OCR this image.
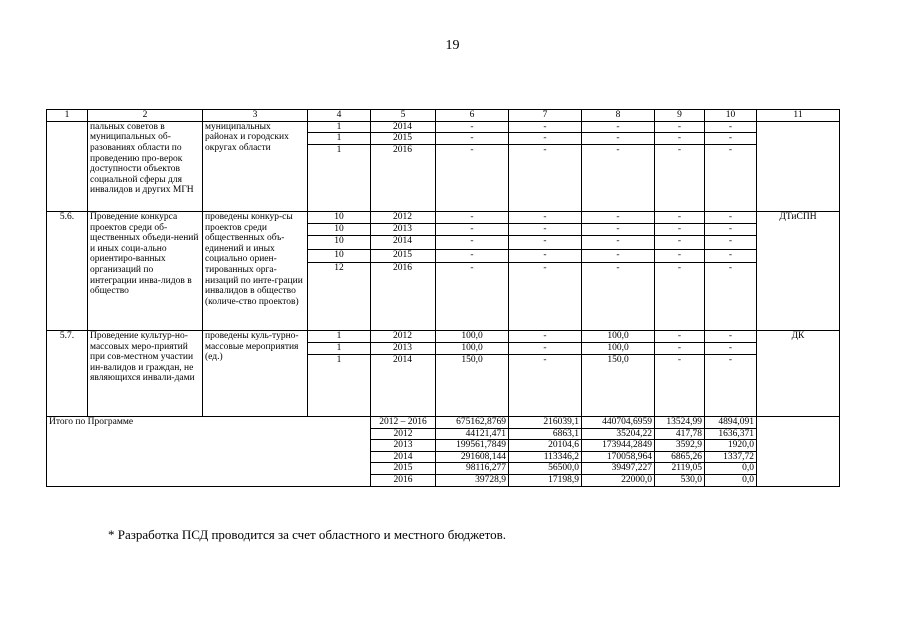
19
1	2	3	4	5	6	7	8	9	10	11
	пальных советов в муниципальных об-разованиях области по проведению про-верок доступности объектов социальной сферы для инвалидов и других МГН	муниципальных районах и городских округах области	1	2014	-	-	-	-	-	
			1	2015	-	-	-	-	-	
			1	2016	-	-	-	-	-	
5.6.	Проведение конкурса проектов среди об-щественных объеди-нений и иных соци-ально ориентиро-ванных организаций по интеграции инва-лидов в общество	проведены конкур-сы проектов среди общественных объ-единений и иных социально ориен-тированных орга-низаций по инте-грации инвалидов в общество (количе-ство проектов)	10	2012	-	-	-	-	-	ДТиСПН
			10	2013	-	-	-	-	-	
			10	2014	-	-	-	-	-	
			10	2015	-	-	-	-	-	
			12	2016	-	-	-	-	-	
5.7.	Проведение культур-но-массовых меро-приятий при сов-местном участии ин-валидов и граждан, не являющихся инвали-дами	проведены куль-турно-массовые мероприятия (ед.)	1	2012	100,0	-	100,0	-	-	ДК
			1	2013	100,0	-	100,0	-	-	
			1	2014	150,0	-	150,0	-	-	
Итого по Программе				2012 – 2016	675162,8769	216039,1	440704,6959	13524,99	4894,091	
				2012	44121,471	6863,1	35204,22	417,78	1636,371	
				2013	199561,7849	20104,6	173944,2849	3592,9	1920,0	
				2014	291608,144	113346,2	170058,964	6865,26	1337,72	
				2015	98116,277	56500,0	39497,227	2119,05	0,0	
				2016	39728,9	17198,9	22000,0	530,0	0,0	
* Разработка ПСД проводится за счет областного и местного бюджетов.
